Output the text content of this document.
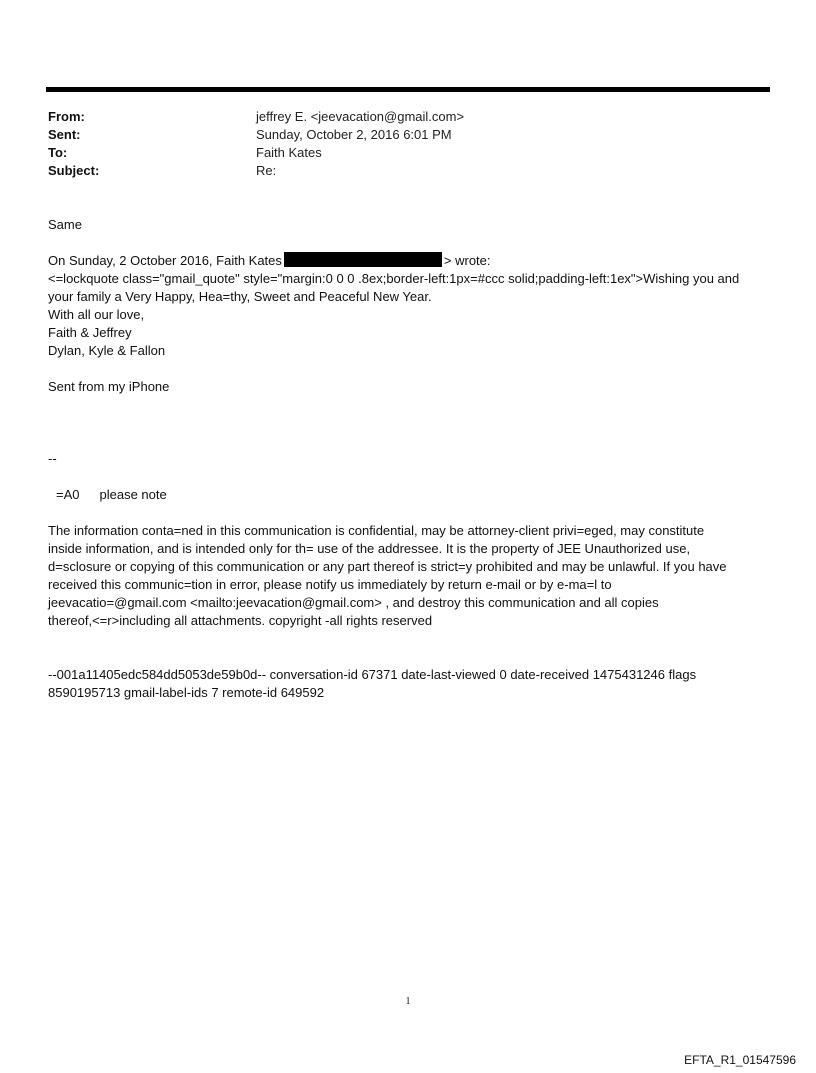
From:	jeffrey E. <jeevacation@gmail.com>
Sent:	Sunday, October 2, 2016 6:01 PM
To:	Faith Kates
Subject:	Re:

Same

On Sunday, 2 October 2016, Faith Kates	> wrote:

<=lockquote class="gmail_quote" style="margin:0 0 0 .8ex;border-left:1px=#ccc solid;padding-left:1ex">Wishing you and

your family a Very Happy, Hea=thy, Sweet and Peaceful New Year.

With all our love,

Faith & Jeffrey

Dylan, Kyle & Fallon

Sent from my iPhone

--

=A0 please note

The information conta=ned in this communication is confidential, may be attorney-client privi=eged, may constitute

inside information, and is intended only for th= use of the addressee. It is the property of JEE Unauthorized use,

d=sclosure or copying of this communication or any part thereof is strict=y prohibited and may be unlawful. If you have

received this communic=tion in error, please notify us immediately by return e-mail or by e-ma=l to

jeevacatio=@gmail.com <mailto:jeevacation@gmail.com> , and destroy this communication and all copies

thereof,<=r>including all attachments. copyright -all rights reserved

--001a11405edc584dd5053de59b0d-- conversation-id 67371 date-last-viewed 0 date-received 1475431246 flags

8590195713 gmail-label-ids 7 remote-id 649592

1
EFTA_R1_01547596
